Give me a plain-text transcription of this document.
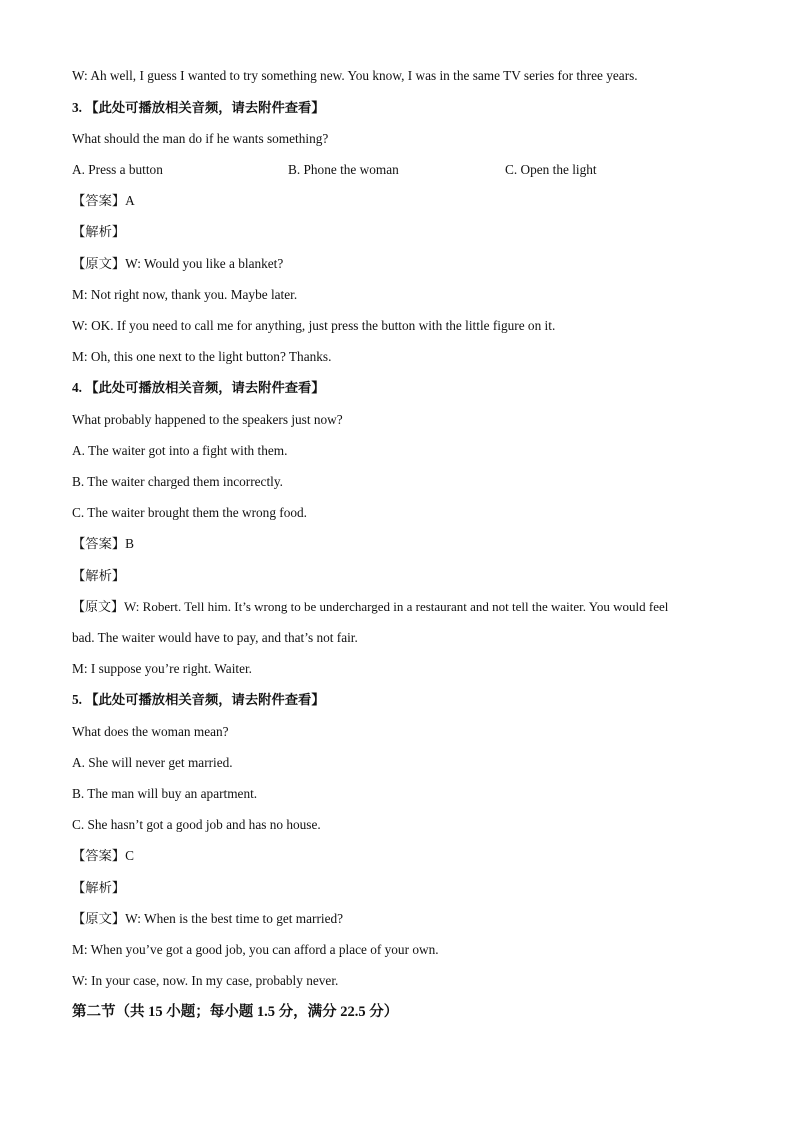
W: Ah well, I guess I wanted to try something new. You know, I was in the same TV series for three years.
3. 【此处可播放相关音频，请去附件查看】
What should the man do if he wants something?
A. Press a button	B. Phone the woman	C. Open the light
【答案】A
【解析】
【原文】W: Would you like a blanket?
M: Not right now, thank you. Maybe later.
W: OK. If you need to call me for anything, just press the button with the little figure on it.
M: Oh, this one next to the light button? Thanks.
4. 【此处可播放相关音频，请去附件查看】
What probably happened to the speakers just now?
A. The waiter got into a fight with them.
B. The waiter charged them incorrectly.
C. The waiter brought them the wrong food.
【答案】B
【解析】
【原文】W: Robert. Tell him. It’s wrong to be undercharged in a restaurant and not tell the waiter. You would feel
bad. The waiter would have to pay, and that’s not fair.
M: I suppose you’re right. Waiter.
5. 【此处可播放相关音频，请去附件查看】
What does the woman mean?
A. She will never get married.
B. The man will buy an apartment.
C. She hasn’t got a good job and has no house.
【答案】C
【解析】
【原文】W: When is the best time to get married?
M: When you’ve got a good job, you can afford a place of your own.
W: In your case, now. In my case, probably never.
第二节（共 15 小题；每小题 1.5 分，满分 22.5 分）
